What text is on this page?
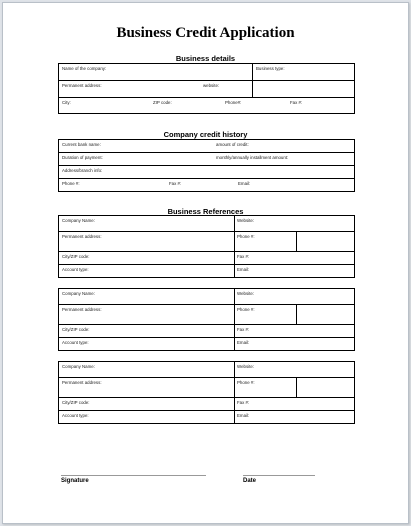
Business Credit Application
Business details
Name of the company:	Business type:
Permanent address:	website:
City:	ZIP code:	Phone#:	Fax #:
Company credit history
Current bank name:	amount of credit:
Duration of payment:	monthly/annually installment amount:
Address/branch info:
Phone #:	Fax #:	Email:
Business References
Company Name:	Website:
Permanent address:	Phone #:
City/ZIP code:	Fax #:
Account type:	Email:
Company Name:	Website:
Permanent address:	Phone #:
City/ZIP code:	Fax #:
Account type:	Email:
Company Name:	Website:
Permanent address:	Phone #:
City/ZIP code:	Fax #:
Account type:	Email:
Signature	Date
